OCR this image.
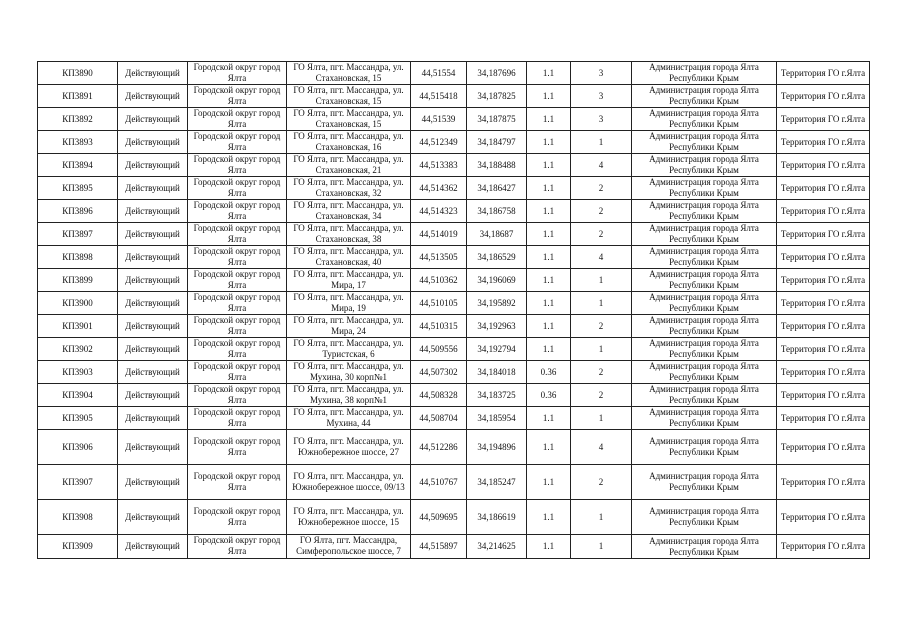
КП3890	Действующий	Городской округ город Ялта	ГО Ялта, пгт. Массандра, ул. Стахановская, 15	44,51554	34,187696	1.1	3	Администрация города Ялта Республики Крым	Территория ГО г.Ялта
КП3891	Действующий	Городской округ город Ялта	ГО Ялта, пгт. Массандра, ул. Стахановская, 15	44,515418	34,187825	1.1	3	Администрация города Ялта Республики Крым	Территория ГО г.Ялта
КП3892	Действующий	Городской округ город Ялта	ГО Ялта, пгт. Массандра, ул. Стахановская, 15	44,51539	34,187875	1.1	3	Администрация города Ялта Республики Крым	Территория ГО г.Ялта
КП3893	Действующий	Городской округ город Ялта	ГО Ялта, пгт. Массандра, ул. Стахановская, 16	44,512349	34,184797	1.1	1	Администрация города Ялта Республики Крым	Территория ГО г.Ялта
КП3894	Действующий	Городской округ город Ялта	ГО Ялта, пгт. Массандра, ул. Стахановская, 21	44,513383	34,188488	1.1	4	Администрация города Ялта Республики Крым	Территория ГО г.Ялта
КП3895	Действующий	Городской округ город Ялта	ГО Ялта, пгт. Массандра, ул. Стахановская, 32	44,514362	34,186427	1.1	2	Администрация города Ялта Республики Крым	Территория ГО г.Ялта
КП3896	Действующий	Городской округ город Ялта	ГО Ялта, пгт. Массандра, ул. Стахановская, 34	44,514323	34,186758	1.1	2	Администрация города Ялта Республики Крым	Территория ГО г.Ялта
КП3897	Действующий	Городской округ город Ялта	ГО Ялта, пгт. Массандра, ул. Стахановская, 38	44,514019	34,18687	1.1	2	Администрация города Ялта Республики Крым	Территория ГО г.Ялта
КП3898	Действующий	Городской округ город Ялта	ГО Ялта, пгт. Массандра, ул. Стахановская, 40	44,513505	34,186529	1.1	4	Администрация города Ялта Республики Крым	Территория ГО г.Ялта
КП3899	Действующий	Городской округ город Ялта	ГО Ялта, пгт. Массандра, ул. Мира, 17	44,510362	34,196069	1.1	1	Администрация города Ялта Республики Крым	Территория ГО г.Ялта
КП3900	Действующий	Городской округ город Ялта	ГО Ялта, пгт. Массандра, ул. Мира, 19	44,510105	34,195892	1.1	1	Администрация города Ялта Республики Крым	Территория ГО г.Ялта
КП3901	Действующий	Городской округ город Ялта	ГО Ялта, пгт. Массандра, ул. Мира, 24	44,510315	34,192963	1.1	2	Администрация города Ялта Республики Крым	Территория ГО г.Ялта
КП3902	Действующий	Городской округ город Ялта	ГО Ялта, пгт. Массандра, ул. Туристская, 6	44,509556	34,192794	1.1	1	Администрация города Ялта Республики Крым	Территория ГО г.Ялта
КП3903	Действующий	Городской округ город Ялта	ГО Ялта, пгт. Массандра, ул. Мухина, 30 корп№1	44,507302	34,184018	0.36	2	Администрация города Ялта Республики Крым	Территория ГО г.Ялта
КП3904	Действующий	Городской округ город Ялта	ГО Ялта, пгт. Массандра, ул. Мухина, 38 корп№1	44,508328	34,183725	0.36	2	Администрация города Ялта Республики Крым	Территория ГО г.Ялта
КП3905	Действующий	Городской округ город Ялта	ГО Ялта, пгт. Массандра, ул. Мухина, 44	44,508704	34,185954	1.1	1	Администрация города Ялта Республики Крым	Территория ГО г.Ялта
КП3906	Действующий	Городской округ город Ялта	ГО Ялта, пгт. Массандра, ул. Южнобережное шоссе, 27	44,512286	34,194896	1.1	4	Администрация города Ялта Республики Крым	Территория ГО г.Ялта
КП3907	Действующий	Городской округ город Ялта	ГО Ялта, пгт. Массандра, ул. Южнобережное шоссе, 09/13	44,510767	34,185247	1.1	2	Администрация города Ялта Республики Крым	Территория ГО г.Ялта
КП3908	Действующий	Городской округ город Ялта	ГО Ялта, пгт. Массандра, ул. Южнобережное шоссе, 15	44,509695	34,186619	1.1	1	Администрация города Ялта Республики Крым	Территория ГО г.Ялта
КП3909	Действующий	Городской округ город Ялта	ГО Ялта, пгт. Массандра, Симферопольское шоссе, 7	44,515897	34,214625	1.1	1	Администрация города Ялта Республики Крым	Территория ГО г.Ялта
